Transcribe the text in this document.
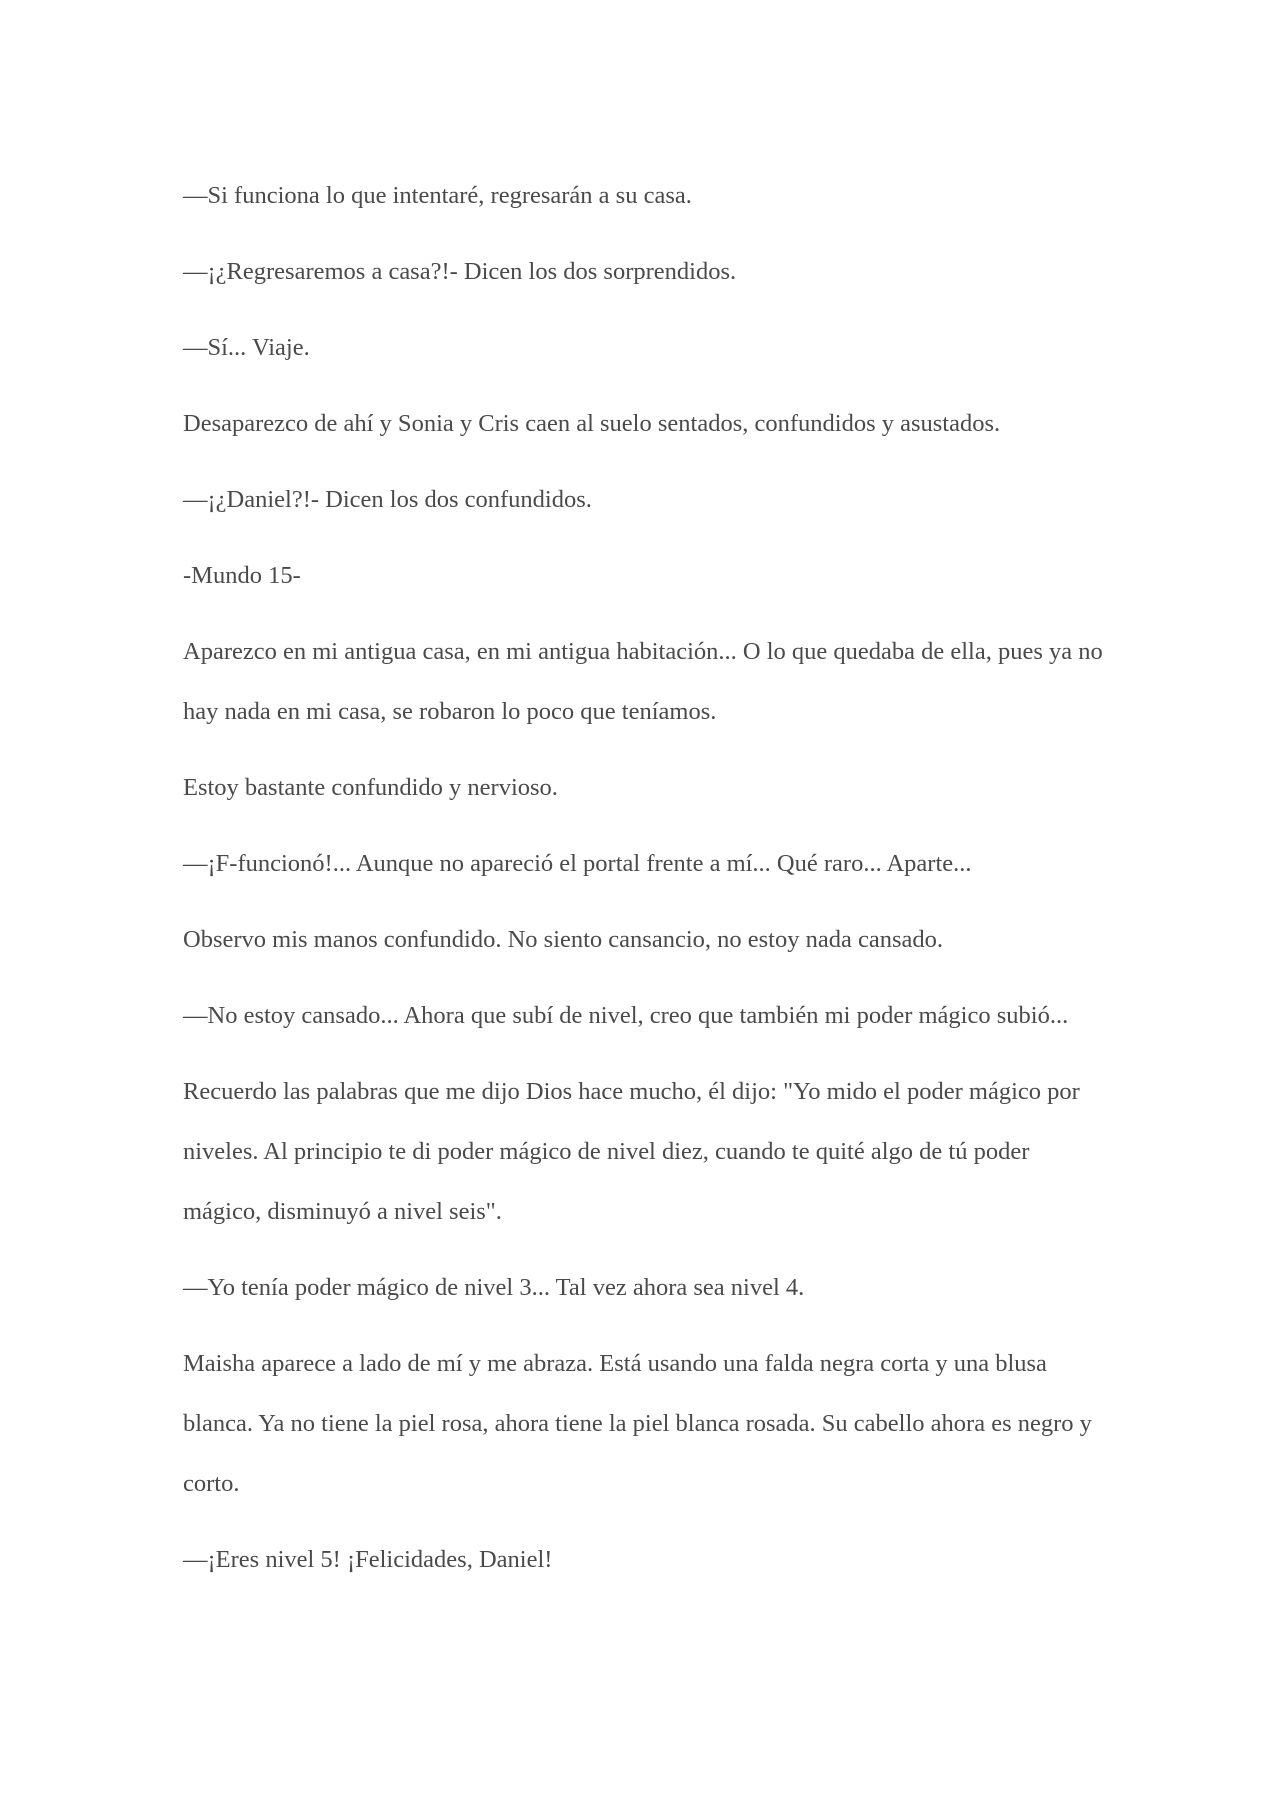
—Si funciona lo que intentaré, regresarán a su casa.

—¡¿Regresaremos a casa?!- Dicen los dos sorprendidos.

—Sí... Viaje.

Desaparezco de ahí y Sonia y Cris caen al suelo sentados, confundidos y asustados.

—¡¿Daniel?!- Dicen los dos confundidos.

-Mundo 15-

Aparezco en mi antigua casa, en mi antigua habitación... O lo que quedaba de ella, pues ya no hay nada en mi casa, se robaron lo poco que teníamos.

Estoy bastante confundido y nervioso.

—¡F-funcionó!... Aunque no apareció el portal frente a mí... Qué raro... Aparte...

Observo mis manos confundido. No siento cansancio, no estoy nada cansado.

—No estoy cansado... Ahora que subí de nivel, creo que también mi poder mágico subió...

Recuerdo las palabras que me dijo Dios hace mucho, él dijo: "Yo mido el poder mágico por niveles. Al principio te di poder mágico de nivel diez, cuando te quité algo de tú poder mágico, disminuyó a nivel seis".

—Yo tenía poder mágico de nivel 3... Tal vez ahora sea nivel 4.

Maisha aparece a lado de mí y me abraza. Está usando una falda negra corta y una blusa blanca. Ya no tiene la piel rosa, ahora tiene la piel blanca rosada. Su cabello ahora es negro y corto.

—¡Eres nivel 5! ¡Felicidades, Daniel!
